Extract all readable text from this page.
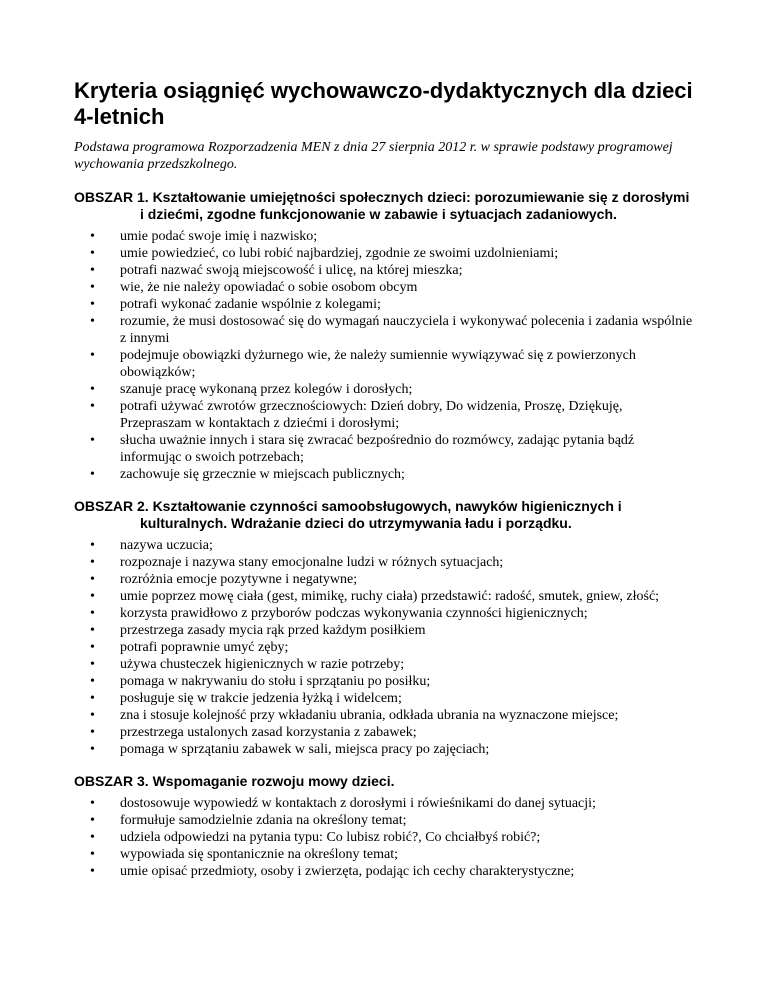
Kryteria osiągnięć wychowawczo-dydaktycznych dla dzieci 4-letnich

Podstawa programowa Rozporzadzenia MEN z dnia 27 sierpnia 2012 r. w sprawie podstawy programowej wychowania przedszkolnego.

OBSZAR 1. Kształtowanie umiejętności społecznych dzieci: porozumiewanie się z dorosłymi i dziećmi, zgodne funkcjonowanie w zabawie i sytuacjach zadaniowych.

• umie podać swoje imię i nazwisko;
• umie powiedzieć, co lubi robić najbardziej, zgodnie ze swoimi uzdolnieniami;
• potrafi nazwać swoją miejscowość i ulicę, na której mieszka;
• wie, że nie należy opowiadać o sobie osobom obcym
• potrafi wykonać zadanie wspólnie z kolegami;
• rozumie, że musi dostosować się do wymagań nauczyciela i wykonywać polecenia i zadania wspólnie z innymi
• podejmuje obowiązki dyżurnego wie, że należy sumiennie wywiązywać się z powierzonych obowiązków;
• szanuje pracę wykonaną przez kolegów i dorosłych;
• potrafi używać zwrotów grzecznościowych: Dzień dobry, Do widzenia, Proszę, Dziękuję, Przepraszam w kontaktach z dziećmi i dorosłymi;
• słucha uważnie innych i stara się zwracać bezpośrednio do rozmówcy, zadając pytania bądź informując o swoich potrzebach;
• zachowuje się grzecznie w miejscach publicznych;

OBSZAR 2. Kształtowanie czynności samoobsługowych, nawyków higienicznych i kulturalnych. Wdrażanie dzieci do utrzymywania ładu i porządku.

• nazywa uczucia;
• rozpoznaje i nazywa stany emocjonalne ludzi w różnych sytuacjach;
• rozróżnia emocje pozytywne i negatywne;
• umie poprzez mowę ciała (gest, mimikę, ruchy ciała) przedstawić: radość, smutek, gniew, złość;
• korzysta prawidłowo z przyborów podczas wykonywania czynności higienicznych;
• przestrzega zasady mycia rąk przed każdym posiłkiem
• potrafi poprawnie umyć zęby;
• używa chusteczek higienicznych w razie potrzeby;
• pomaga w nakrywaniu do stołu i sprzątaniu po posiłku;
• posługuje się w trakcie jedzenia łyżką i widelcem;
• zna i stosuje kolejność przy wkładaniu ubrania, odkłada ubrania na wyznaczone miejsce;
• przestrzega ustalonych zasad korzystania z zabawek;
• pomaga w sprzątaniu zabawek w sali, miejsca pracy po zajęciach;

OBSZAR 3. Wspomaganie rozwoju mowy dzieci.

• dostosowuje wypowiedź w kontaktach z dorosłymi i rówieśnikami do danej sytuacji;
• formułuje samodzielnie zdania na określony temat;
• udziela odpowiedzi na pytania typu: Co lubisz robić?, Co chciałbyś robić?;
• wypowiada się spontanicznie na określony temat;
• umie opisać przedmioty, osoby i zwierzęta, podając ich cechy charakterystyczne;
